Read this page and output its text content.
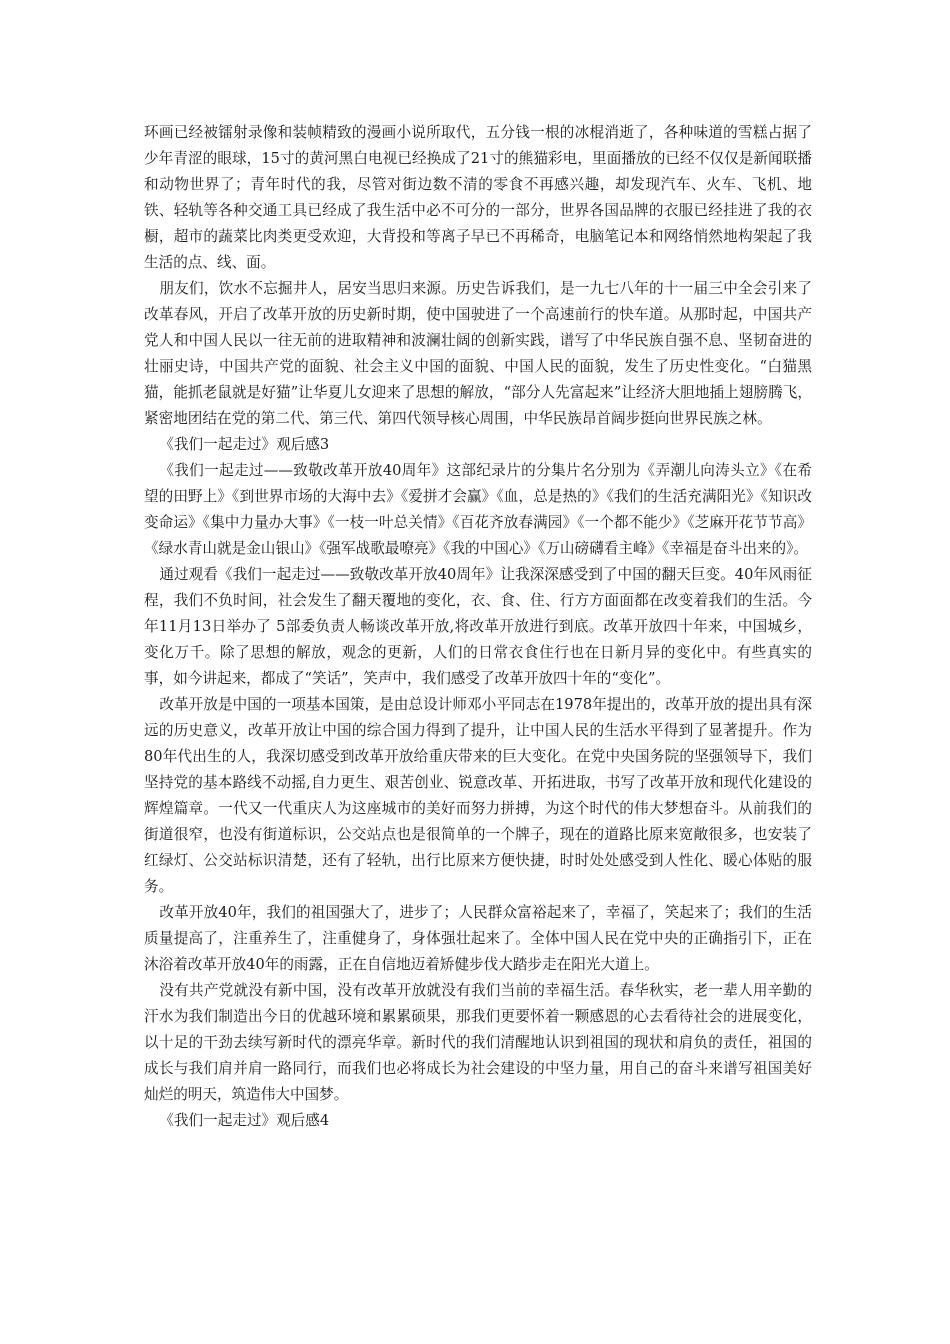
环画已经被镭射录像和装帧精致的漫画小说所取代，五分钱一根的冰棍消逝了，各种味道的雪糕占据了少年青涩的眼球，15寸的黄河黑白电视已经换成了21寸的熊猫彩电，里面播放的已经不仅仅是新闻联播和动物世界了；青年时代的我，尽管对街边数不清的零食不再感兴趣，却发现汽车、火车、飞机、地铁、轻轨等各种交通工具已经成了我生活中必不可分的一部分，世界各国品牌的衣服已经挂进了我的衣橱，超市的蔬菜比肉类更受欢迎，大背投和等离子早已不再稀奇，电脑笔记本和网络悄然地构架起了我生活的点、线、面。

朋友们，饮水不忘掘井人，居安当思归来源。历史告诉我们，是一九七八年的十一届三中全会引来了改革春风，开启了改革开放的历史新时期，使中国驶进了一个高速前行的快车道。从那时起，中国共产党人和中国人民以一往无前的进取精神和波澜壮阔的创新实践，谱写了中华民族自强不息、坚韧奋进的壮丽史诗，中国共产党的面貌、社会主义中国的面貌、中国人民的面貌，发生了历史性变化。“白猫黑猫，能抓老鼠就是好猫”让华夏儿女迎来了思想的解放，“部分人先富起来”让经济大胆地插上翅膀腾飞，紧密地团结在党的第二代、第三代、第四代领导核心周围，中华民族昂首阔步挺向世界民族之林。

《我们一起走过》观后感3

《我们一起走过——致敬改革开放40周年》这部纪录片的分集片名分别为《弄潮儿向涛头立》《在希望的田野上》《到世界市场的大海中去》《爱拼才会赢》《血，总是热的》《我们的生活充满阳光》《知识改变命运》《集中力量办大事》《一枝一叶总关情》《百花齐放春满园》《一个都不能少》《芝麻开花节节高》《绿水青山就是金山银山》《强军战歌最嘹亮》《我的中国心》《万山磅礴看主峰》《幸福是奋斗出来的》。

通过观看《我们一起走过——致敬改革开放40周年》让我深深感受到了中国的翻天巨变。40年风雨征程，我们不负时间，社会发生了翻天覆地的变化，衣、食、住、行方方面面都在改变着我们的生活。今年11月13日举办了 5部委负责人畅谈改革开放,将改革开放进行到底。改革开放四十年来，中国城乡，变化万千。除了思想的解放，观念的更新，人们的日常衣食住行也在日新月异的变化中。有些真实的事，如今讲起来，都成了“笑话”，笑声中，我们感受了改革开放四十年的“变化”。

改革开放是中国的一项基本国策，是由总设计师邓小平同志在1978年提出的，改革开放的提出具有深远的历史意义，改革开放让中国的综合国力得到了提升，让中国人民的生活水平得到了显著提升。作为80年代出生的人，我深切感受到改革开放给重庆带来的巨大变化。在党中央国务院的坚强领导下，我们坚持党的基本路线不动摇,自力更生、艰苦创业、锐意改革、开拓进取，书写了改革开放和现代化建设的辉煌篇章。一代又一代重庆人为这座城市的美好而努力拼搏，为这个时代的伟大梦想奋斗。从前我们的街道很窄，也没有街道标识，公交站点也是很简单的一个牌子，现在的道路比原来宽敞很多，也安装了红绿灯、公交站标识清楚，还有了轻轨，出行比原来方便快捷，时时处处感受到人性化、暖心体贴的服务。

改革开放40年，我们的祖国强大了，进步了；人民群众富裕起来了，幸福了，笑起来了；我们的生活质量提高了，注重养生了，注重健身了，身体强壮起来了。全体中国人民在党中央的正确指引下，正在沐浴着改革开放40年的雨露，正在自信地迈着矫健步伐大踏步走在阳光大道上。

没有共产党就没有新中国，没有改革开放就没有我们当前的幸福生活。春华秋实，老一辈人用辛勤的汗水为我们制造出今日的优越环境和累累硕果，那我们更要怀着一颗感恩的心去看待社会的进展变化，以十足的干劲去续写新时代的漂亮华章。新时代的我们清醒地认识到祖国的现状和肩负的责任，祖国的成长与我们肩并肩一路同行，而我们也必将成长为社会建设的中坚力量，用自己的奋斗来谱写祖国美好灿烂的明天，筑造伟大中国梦。

《我们一起走过》观后感4
